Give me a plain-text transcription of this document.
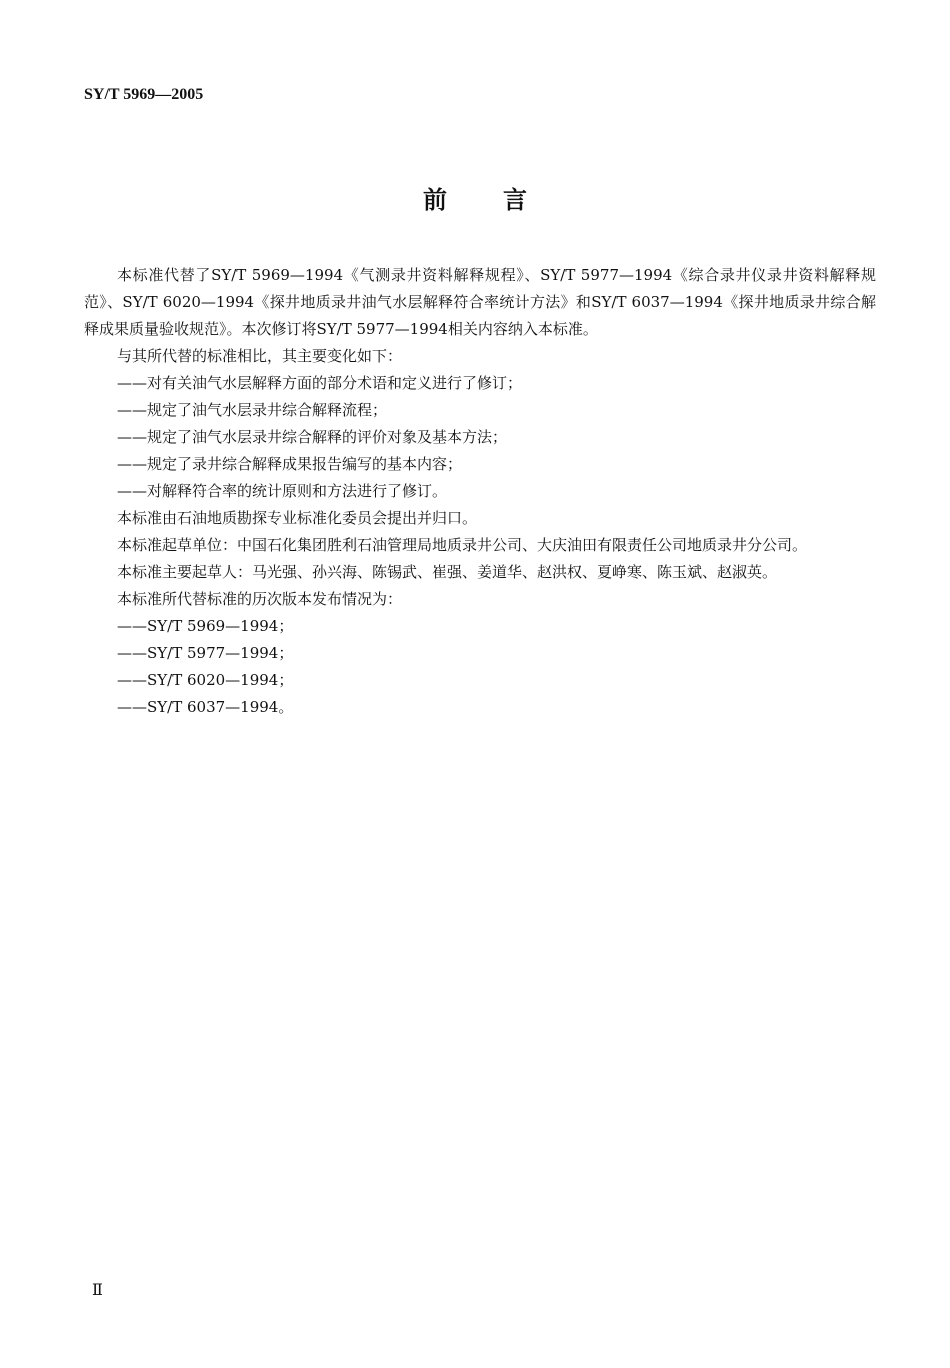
SY/T 5969—2005
前 言

本标准代替了SY/T 5969—1994《气测录井资料解释规程》、SY/T 5977—1994《综合录井仪录井资料解释规范》、SY/T 6020—1994《探井地质录井油气水层解释符合率统计方法》和SY/T 6037—1994《探井地质录井综合解释成果质量验收规范》。本次修订将SY/T 5977—1994相关内容纳入本标准。

与其所代替的标准相比，其主要变化如下：

——对有关油气水层解释方面的部分术语和定义进行了修订；

——规定了油气水层录井综合解释流程；

——规定了油气水层录井综合解释的评价对象及基本方法；

——规定了录井综合解释成果报告编写的基本内容；

——对解释符合率的统计原则和方法进行了修订。

本标准由石油地质勘探专业标准化委员会提出并归口。

本标准起草单位：中国石化集团胜利石油管理局地质录井公司、大庆油田有限责任公司地质录井分公司。

本标准主要起草人：马光强、孙兴海、陈锡武、崔强、姜道华、赵洪权、夏峥寒、陈玉斌、赵淑英。

本标准所代替标准的历次版本发布情况为：

——SY/T 5969—1994；

——SY/T 5977—1994；

——SY/T 6020—1994；

——SY/T 6037—1994。

Ⅱ
